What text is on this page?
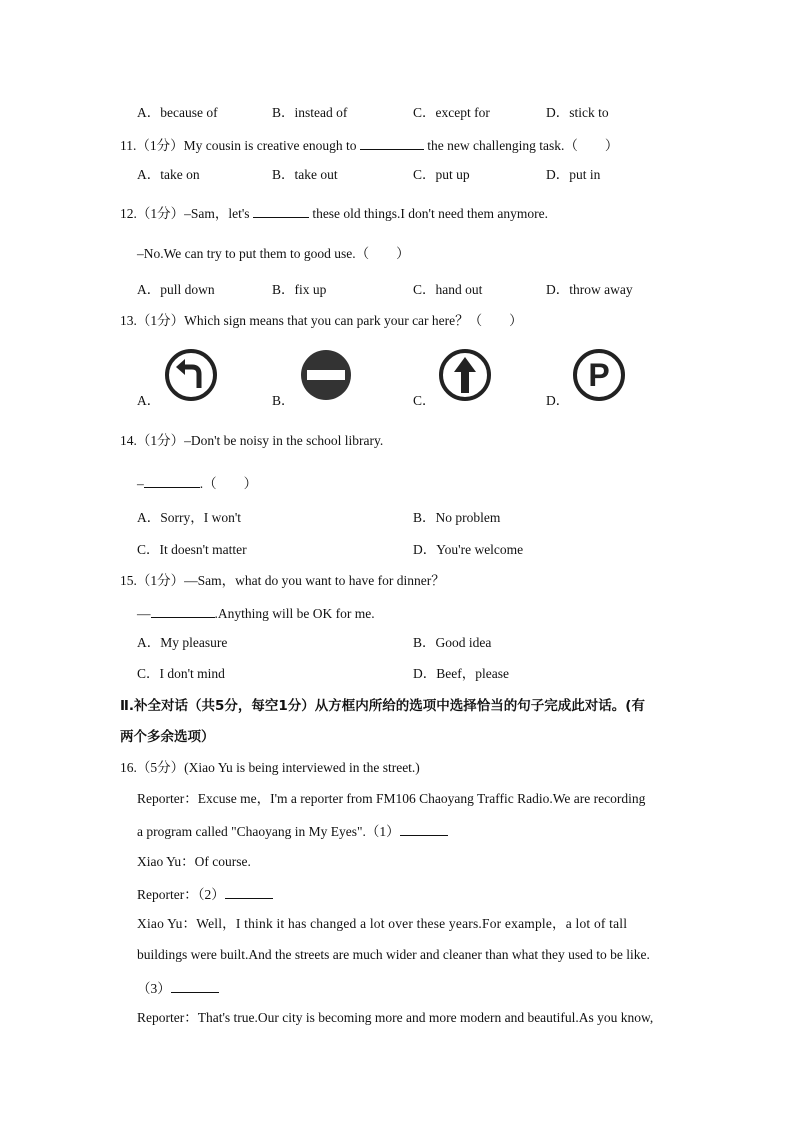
A．because of	B．instead of	C．except for	D．stick to
11.（1分）My cousin is creative enough to	the new challenging task.（　　）
A．take on	B．take out	C．put up	D．put in
12.（1分）–Sam，let's	these old things.I don't need them anymore.
–No.We can try to put them to good use.（　　）
A．pull down	B．fix up	C．hand out	D．throw away
13.（1分）Which sign means that you can park your car here？（　　）
A．	B．	C．	D．
P
14.（1分）–Don't be noisy in the school library.
–	.（　　）
A．Sorry，I won't	B．No problem
C．It doesn't matter	D．You're welcome
15.（1分）—Sam，what do you want to have for dinner？
—	.Anything will be OK for me.
A．My pleasure	B．Good idea
C．I don't mind	D．Beef，please
Ⅱ.补全对话（共5分，每空1分）从方框内所给的选项中选择恰当的句子完成此对话。(有
两个多余选项）
16.（5分）(Xiao Yu is being interviewed in the street.)
Reporter：Excuse me，I'm a reporter from FM106 Chaoyang Traffic Radio.We are recording
a program called "Chaoyang in My Eyes".（1）
Xiao Yu：Of course.
Reporter：（2）
Xiao Yu：Well，I think it has changed a lot over these years.For example，a lot of tall
buildings were built.And the streets are much wider and cleaner than what they used to be like.
（3）
Reporter：That's true.Our city is becoming more and more modern and beautiful.As you know,
